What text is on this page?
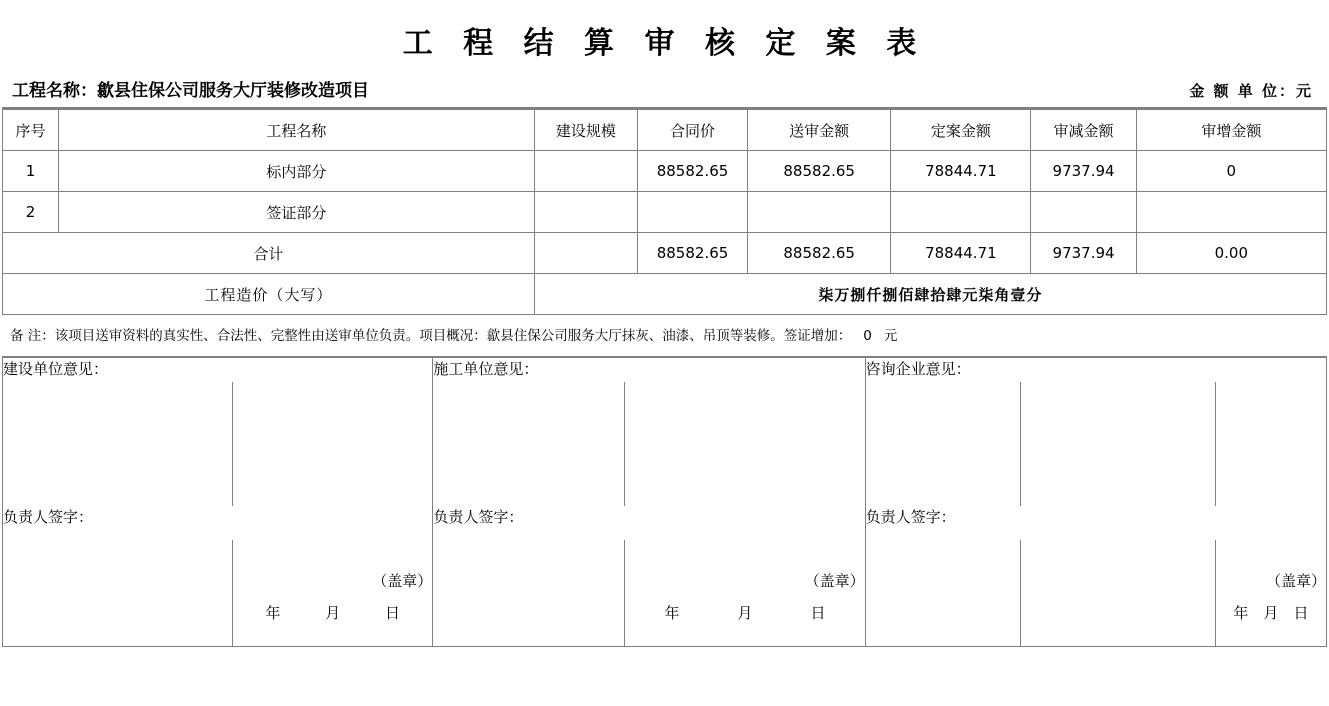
工 程 结 算 审 核 定 案 表
工程名称：歙县住保公司服务大厅装修改造项目	金 额 单 位：元
序号	工程名称	建设规模	合同价	送审金额	定案金额	审减金额	审增金额
1	标内部分		88582.65	88582.65	78844.71	9737.94	0
2	签证部分						
合计			88582.65	88582.65	78844.71	9737.94	0.00
工程造价（大写）		柒万捌仟捌佰肆拾肆元柒角壹分					
备 注：该项目送审资料的真实性、合法性、完整性由送审单位负责。项目概况：歙县住保公司服务大厅抹灰、油漆、吊顶等装修。签证增加： 0 元
建设单位意见：		施工单位意见：		咨询企业意见：		

负责人签字：		负责人签字：		负责人签字：		

	（盖章）		（盖章）			（盖章）

	年 月 日		年 月 日			年 月 日
